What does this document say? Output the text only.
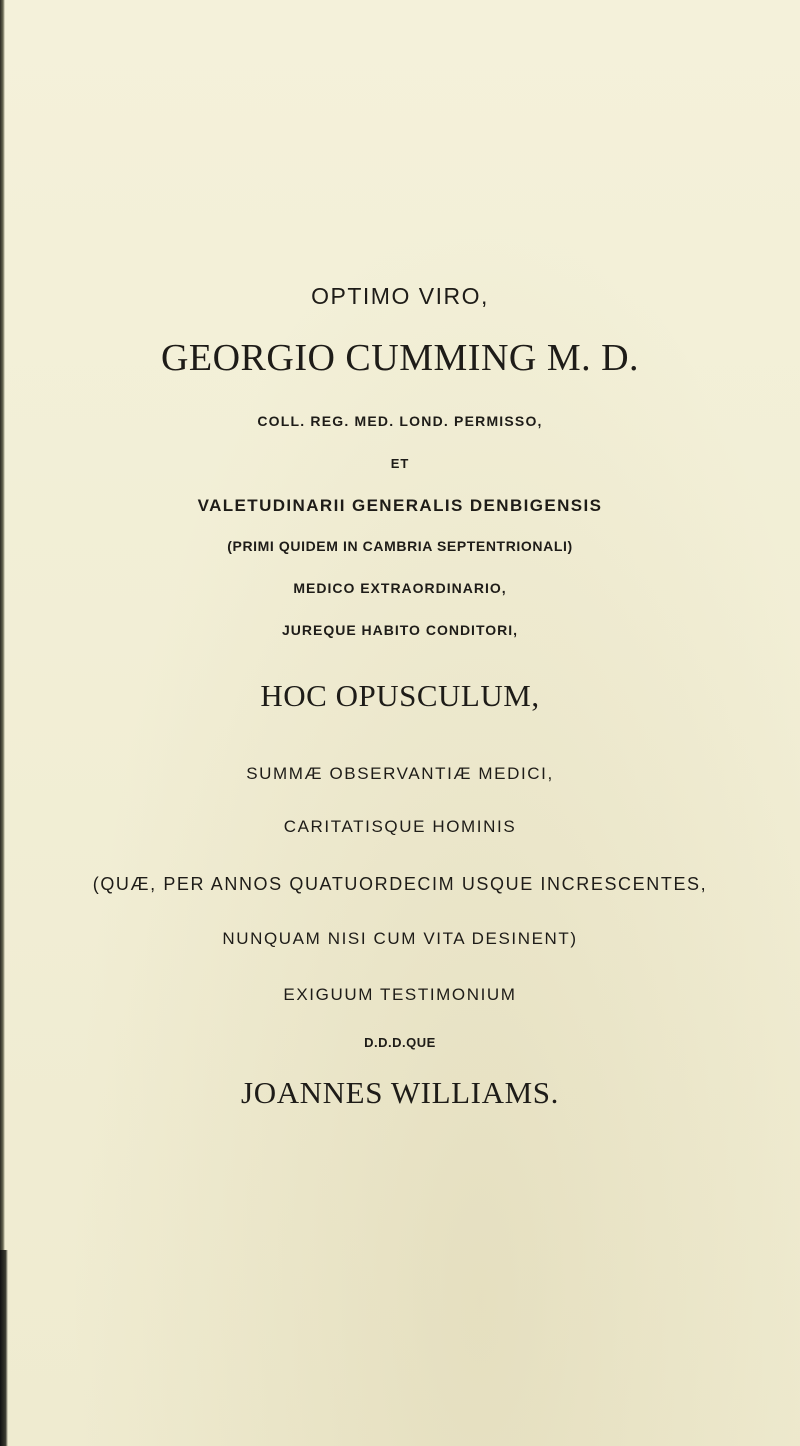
OPTIMO VIRO,

GEORGIO CUMMING M. D.

COLL. REG. MED. LOND. PERMISSO,

ET

VALETUDINARII GENERALIS DENBIGENSIS

(PRIMI QUIDEM IN CAMBRIA SEPTENTRIONALI)

MEDICO EXTRAORDINARIO,

JUREQUE HABITO CONDITORI,

HOC OPUSCULUM,

SUMMÆ OBSERVANTIÆ MEDICI,

CARITATISQUE HOMINIS

(QUÆ, PER ANNOS QUATUORDECIM USQUE INCRESCENTES,

NUNQUAM NISI CUM VITA DESINENT)

EXIGUUM TESTIMONIUM

D.D.D.QUE

JOANNES WILLIAMS.
